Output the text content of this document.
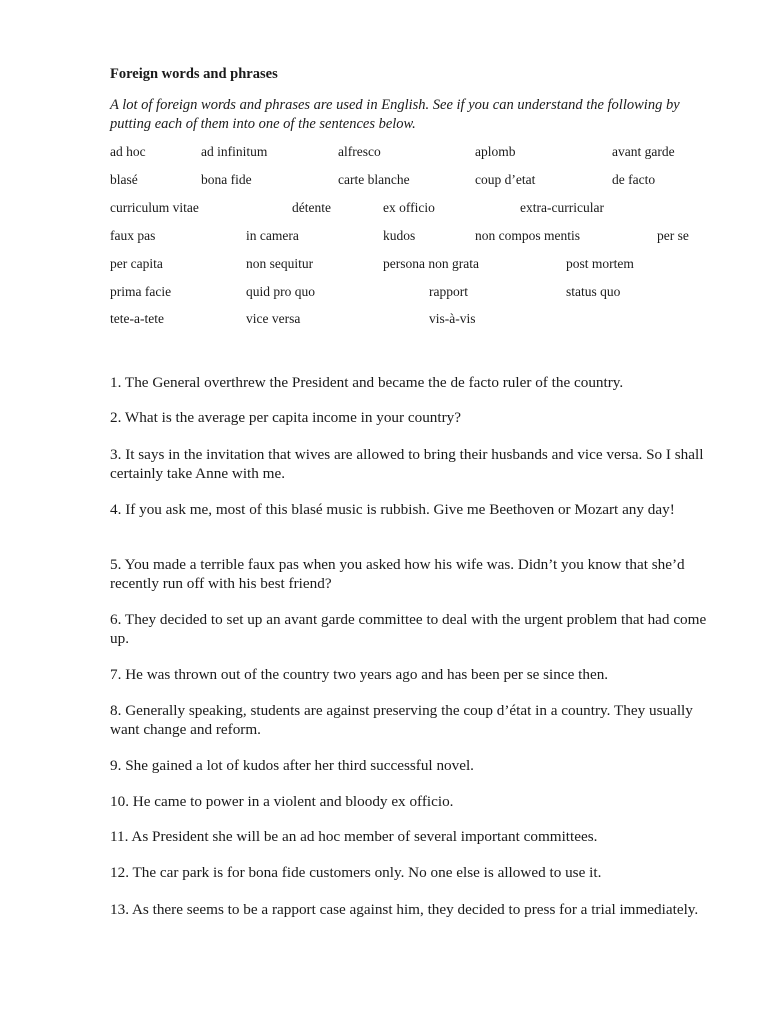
Foreign words and phrases

A lot of foreign words and phrases are used in English. See if you can understand the following by putting each of them into one of the sentences below.

ad hoc	ad infinitum	alfresco	aplomb	avant garde
blasé	bona fide	carte blanche	coup d’etat	de facto
curriculum vitae	détente	ex officio	extra-curricular
faux pas	in camera	kudos	non compos mentis	per se
per capita	non sequitur	persona non grata	post mortem
prima facie	quid pro quo	rapport	status quo
tete-a-tete	vice versa	vis-à-vis

1. The General overthrew the President and became the de facto ruler of the country.

2. What is the average per capita income in your country?

3. It says in the invitation that wives are allowed to bring their husbands and vice versa. So I shall certainly take Anne with me.

4. If you ask me, most of this blasé music is rubbish. Give me Beethoven or Mozart any day!

5. You made a terrible faux pas when you asked how his wife was. Didn’t you know that she’d recently run off with his best friend?

6. They decided to set up an avant garde committee to deal with the urgent problem that had come up.

7. He was thrown out of the country two years ago and has been per se since then.

8. Generally speaking, students are against preserving the coup d’état in a country. They usually want change and reform.

9. She gained a lot of kudos after her third successful novel.

10. He came to power in a violent and bloody ex officio.

11. As President she will be an ad hoc member of several important committees.

12. The car park is for bona fide customers only. No one else is allowed to use it.

13. As there seems to be a rapport case against him, they decided to press for a trial immediately.
